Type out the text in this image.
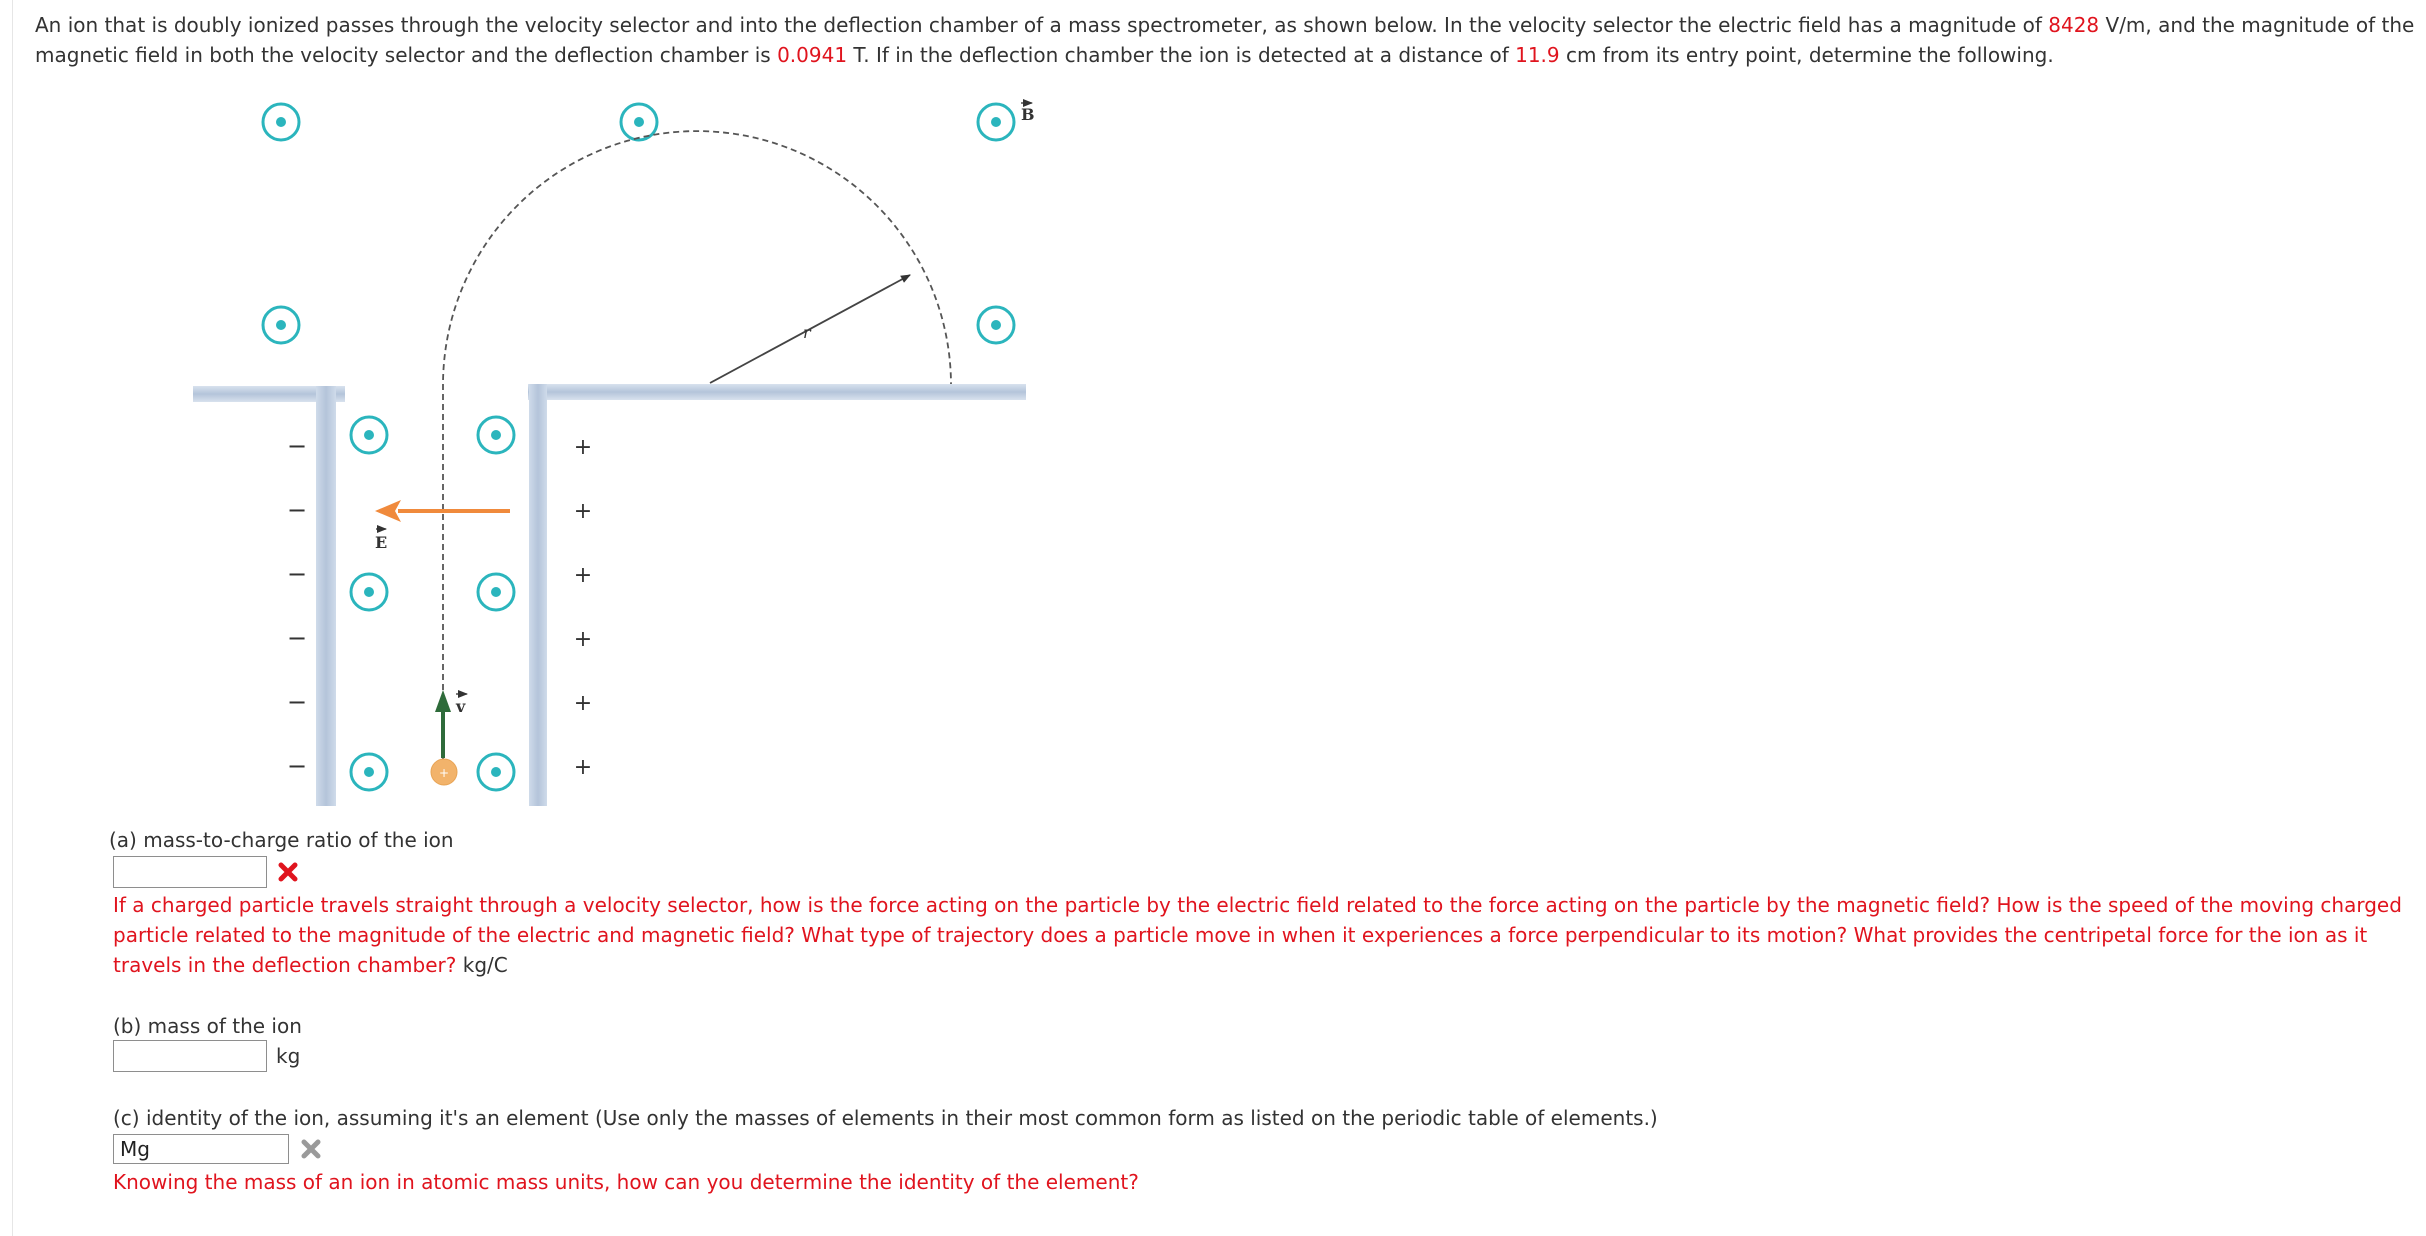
An ion that is doubly ionized passes through the velocity selector and into the deflection chamber of a mass spectrometer, as shown below. In the velocity selector the electric field has a magnitude of 8428 V/m, and the magnitude of the
magnetic field in both the velocity selector and the deflection chamber is 0.0941 T. If in the deflection chamber the ion is detected at a distance of 11.9 cm from its entry point, determine the following.
B
r
−
−
−
−
−
−
+
+
+
+
+
+
E
v
+
(a) mass-to-charge ratio of the ion
If a charged particle travels straight through a velocity selector, how is the force acting on the particle by the electric field related to the force acting on the particle by the magnetic field? How is the speed of the moving charged
particle related to the magnitude of the electric and magnetic field? What type of trajectory does a particle move in when it experiences a force perpendicular to its motion? What provides the centripetal force for the ion as it
travels in the deflection chamber? kg/C
(b) mass of the ion
kg
(c) identity of the ion, assuming it's an element (Use only the masses of elements in their most common form as listed on the periodic table of elements.)
Mg
Knowing the mass of an ion in atomic mass units, how can you determine the identity of the element?
